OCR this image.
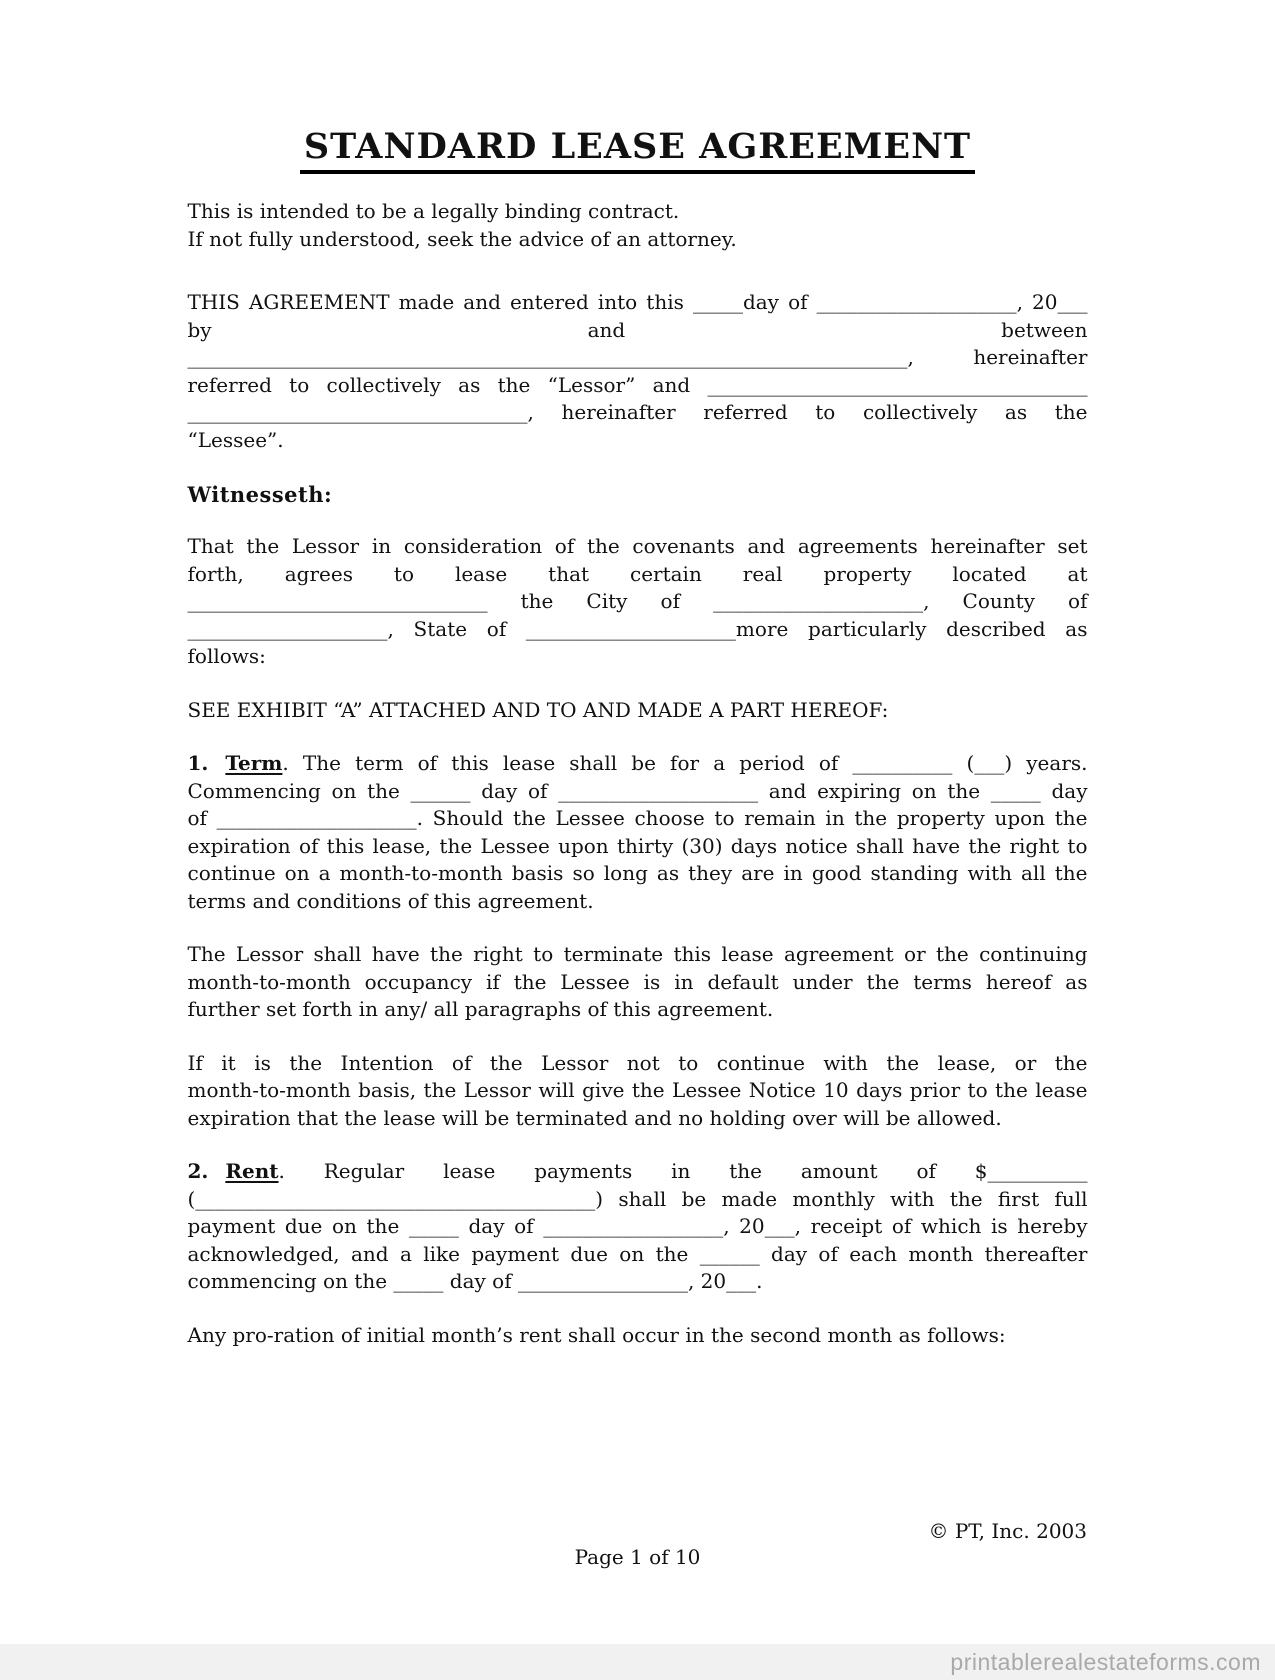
STANDARD LEASE AGREEMENT
This is intended to be a legally binding contract.
If not fully understood, seek the advice of an attorney.
THIS AGREEMENT made and entered into this _____day of ____________________, 20___
by and between
________________________________________________________________________, hereinafter
referred to collectively as the “Lessor” and ______________________________________
__________________________________, hereinafter referred to collectively as the
“Lessee”.
Witnesseth:
That the Lessor in consideration of the covenants and agreements hereinafter set
forth, agrees to lease that certain real property located at
______________________________ the City of _____________________, County of
____________________, State of _____________________more particularly described as
follows:
SEE EXHIBIT “A” ATTACHED AND TO AND MADE A PART HEREOF:
1. Term. The term of this lease shall be for a period of __________ (___) years.
Commencing on the ______ day of ____________________ and expiring on the _____ day
of ____________________. Should the Lessee choose to remain in the property upon the
expiration of this lease, the Lessee upon thirty (30) days notice shall have the right to
continue on a month-to-month basis so long as they are in good standing with all the
terms and conditions of this agreement.
The Lessor shall have the right to terminate this lease agreement or the continuing
month-to-month occupancy if the Lessee is in default under the terms hereof as
further set forth in any/ all paragraphs of this agreement.
If it is the Intention of the Lessor not to continue with the lease, or the
month-to-month basis, the Lessor will give the Lessee Notice 10 days prior to the lease
expiration that the lease will be terminated and no holding over will be allowed.
2. Rent. Regular lease payments in the amount of $__________
(________________________________________) shall be made monthly with the first full
payment due on the _____ day of __________________, 20___, receipt of which is hereby
acknowledged, and a like payment due on the ______ day of each month thereafter
commencing on the _____ day of _________________, 20___.
Any pro-ration of initial month’s rent shall occur in the second month as follows:
© PT, Inc. 2003
Page 1 of 10
printablerealestateforms.com
